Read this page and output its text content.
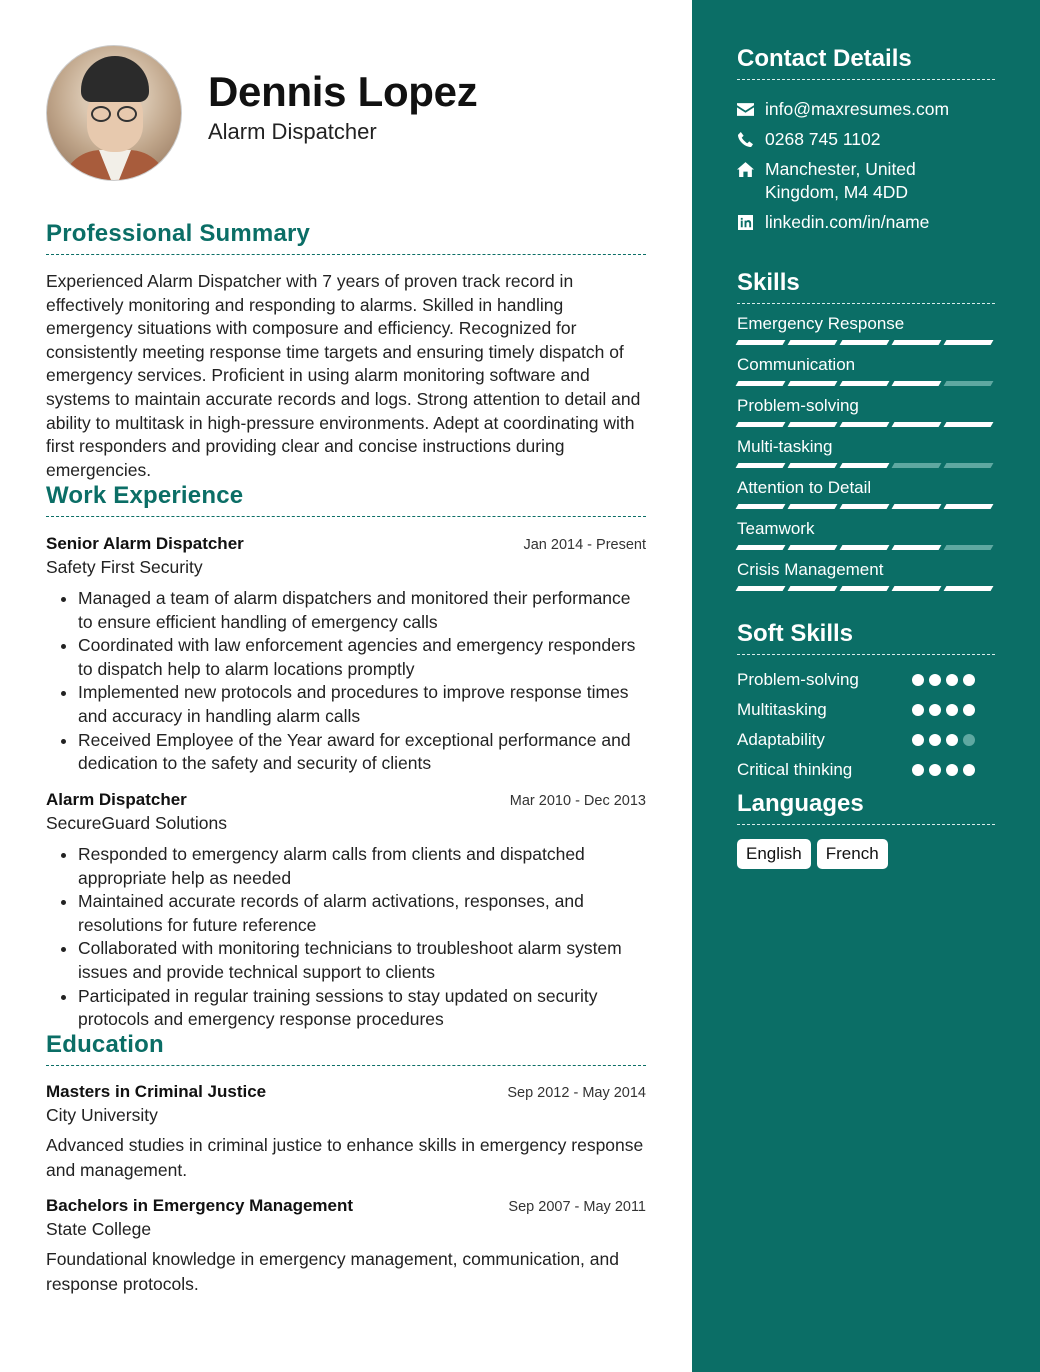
Dennis Lopez
Alarm Dispatcher
Professional Summary
Experienced Alarm Dispatcher with 7 years of proven track record in effectively monitoring and responding to alarms. Skilled in handling emergency situations with composure and efficiency. Recognized for consistently meeting response time targets and ensuring timely dispatch of emergency services. Proficient in using alarm monitoring software and systems to maintain accurate records and logs. Strong attention to detail and ability to multitask in high-pressure environments. Adept at coordinating with first responders and providing clear and concise instructions during emergencies.
Work Experience
Senior Alarm Dispatcher	Jan 2014 - Present
Safety First Security
• Managed a team of alarm dispatchers and monitored their performance to ensure efficient handling of emergency calls
• Coordinated with law enforcement agencies and emergency responders to dispatch help to alarm locations promptly
• Implemented new protocols and procedures to improve response times and accuracy in handling alarm calls
• Received Employee of the Year award for exceptional performance and dedication to the safety and security of clients
Alarm Dispatcher	Mar 2010 - Dec 2013
SecureGuard Solutions
• Responded to emergency alarm calls from clients and dispatched appropriate help as needed
• Maintained accurate records of alarm activations, responses, and resolutions for future reference
• Collaborated with monitoring technicians to troubleshoot alarm system issues and provide technical support to clients
• Participated in regular training sessions to stay updated on security protocols and emergency response procedures
Education
Masters in Criminal Justice	Sep 2012 - May 2014
City University
Advanced studies in criminal justice to enhance skills in emergency response and management.
Bachelors in Emergency Management	Sep 2007 - May 2011
State College
Foundational knowledge in emergency management, communication, and response protocols.
Contact Details
info@maxresumes.com
0268 745 1102
Manchester, United Kingdom, M4 4DD
linkedin.com/in/name
Skills
Emergency Response
Communication
Problem-solving
Multi-tasking
Attention to Detail
Teamwork
Crisis Management
Soft Skills
Problem-solving
Multitasking
Adaptability
Critical thinking
Languages
English	French
